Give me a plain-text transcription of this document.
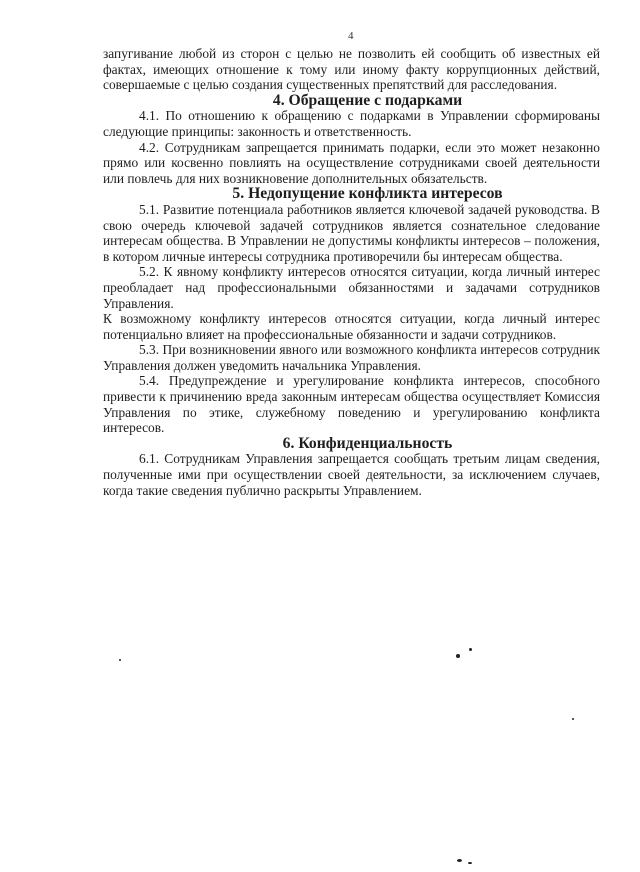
4

запугивание любой из сторон с целью не позволить ей сообщить об известных ей фактах, имеющих отношение к тому или иному факту коррупционных действий, совершаемые с целью создания существенных препятствий для расследования.

4. Обращение с подарками

4.1. По отношению к обращению с подарками в Управлении сформированы следующие принципы: законность и ответственность.

4.2. Сотрудникам запрещается принимать подарки, если это может незаконно прямо или косвенно повлиять на осуществление сотрудниками своей деятельности или повлечь для них возникновение дополнительных обязательств.

5. Недопущение конфликта интересов

5.1. Развитие потенциала работников является ключевой задачей руководства. В свою очередь ключевой задачей сотрудников является сознательное следование интересам общества. В Управлении не допустимы конфликты интересов – положения, в котором личные интересы сотрудника противоречили бы интересам общества.

5.2. К явному конфликту интересов относятся ситуации, когда личный интерес преобладает над профессиональными обязанностями и задачами сотрудников Управления.

К возможному конфликту интересов относятся ситуации, когда личный интерес потенциально влияет на профессиональные обязанности и задачи сотрудников.

5.3. При возникновении явного или возможного конфликта интересов сотрудник Управления должен уведомить начальника Управления.

5.4. Предупреждение и урегулирование конфликта интересов, способного привести к причинению вреда законным интересам общества осуществляет Комиссия Управления по этике, служебному поведению и урегулированию конфликта интересов.

6. Конфиденциальность

6.1. Сотрудникам Управления запрещается сообщать третьим лицам сведения, полученные ими при осуществлении своей деятельности, за исключением случаев, когда такие сведения публично раскрыты Управлением.
